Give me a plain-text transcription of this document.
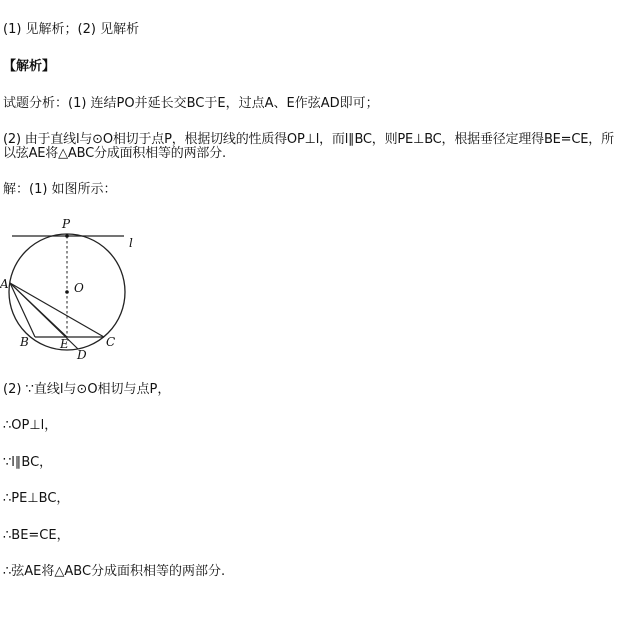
(1) 见解析；(2) 见解析
【解析】
试题分析：(1) 连结PO并延长交BC于E，过点A、E作弦AD即可；
(2) 由于直线l与⊙O相切于点P，根据切线的性质得OP⊥l，而l∥BC，则PE⊥BC，根据垂径定理得BE=CE，所以弦AE将△ABC分成面积相等的两部分.
解：(1) 如图所示：
P
l
A	O
B	E
D
C
(2) ∵直线l与⊙O相切与点P，
∴OP⊥l，
∵l∥BC，
∴PE⊥BC，
∴BE=CE，
∴弦AE将△ABC分成面积相等的两部分.
